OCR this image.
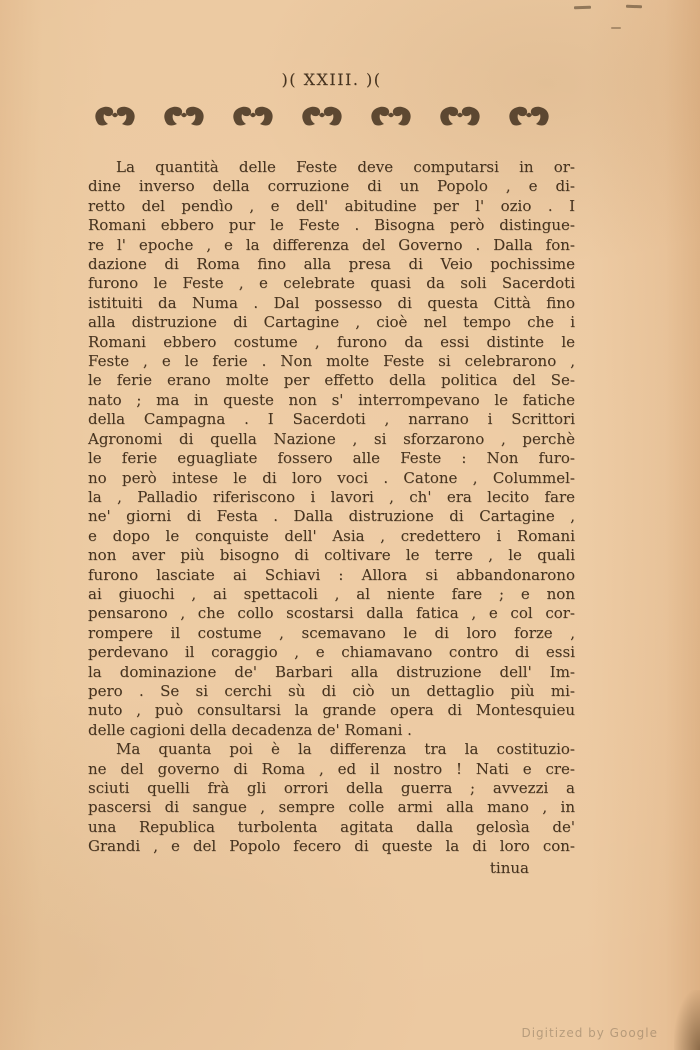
)( XXIII. )(
La quantità delle Feste deve computarsi in or-
dine inverso della corruzione di un Popolo , e di-
retto del pendìo , e dell' abitudine per l' ozio . I
Romani ebbero pur le Feste . Bisogna però distingue-
re l' epoche , e la differenza del Governo . Dalla fon-
dazione di Roma fino alla presa di Veio pochissime
furono le Feste , e celebrate quasi da soli Sacerdoti
istituiti da Numa . Dal possesso di questa Città fino
alla distruzione di Cartagine , cioè nel tempo che i
Romani ebbero costume , furono da essi distinte le
Feste , e le ferie . Non molte Feste si celebrarono ,
le ferie erano molte per effetto della politica del Se-
nato ; ma in queste non s' interrompevano le fatiche
della Campagna . I Sacerdoti , narrano i Scrittori
Agronomi di quella Nazione , si sforzarono , perchè
le ferie eguagliate fossero alle Feste : Non furo-
no però intese le di loro voci . Catone , Colummel-
la , Palladio riferiscono i lavori , ch' era lecito fare
ne' giorni di Festa . Dalla distruzione di Cartagine ,
e dopo le conquiste dell' Asia , credettero i Romani
non aver più bisogno di coltivare le terre , le quali
furono lasciate ai Schiavi : Allora si abbandonarono
ai giuochi , ai spettacoli , al niente fare ; e non
pensarono , che collo scostarsi dalla fatica , e col cor-
rompere il costume , scemavano le di loro forze ,
perdevano il coraggio , e chiamavano contro di essi
la dominazione de' Barbari alla distruzione dell' Im-
pero . Se si cerchi sù di ciò un dettaglio più mi-
nuto , può consultarsi la grande opera di Montesquieu
delle cagioni della decadenza de' Romani .
Ma quanta poi è la differenza tra la costituzio-
ne del governo di Roma , ed il nostro ! Nati e cre-
sciuti quelli frà gli orrori della guerra ; avvezzi a
pascersi di sangue , sempre colle armi alla mano , in
una Republica turbolenta agitata dalla gelosìa de'
Grandi , e del Popolo fecero di queste la di loro con-
tinua
Digitized by Google
